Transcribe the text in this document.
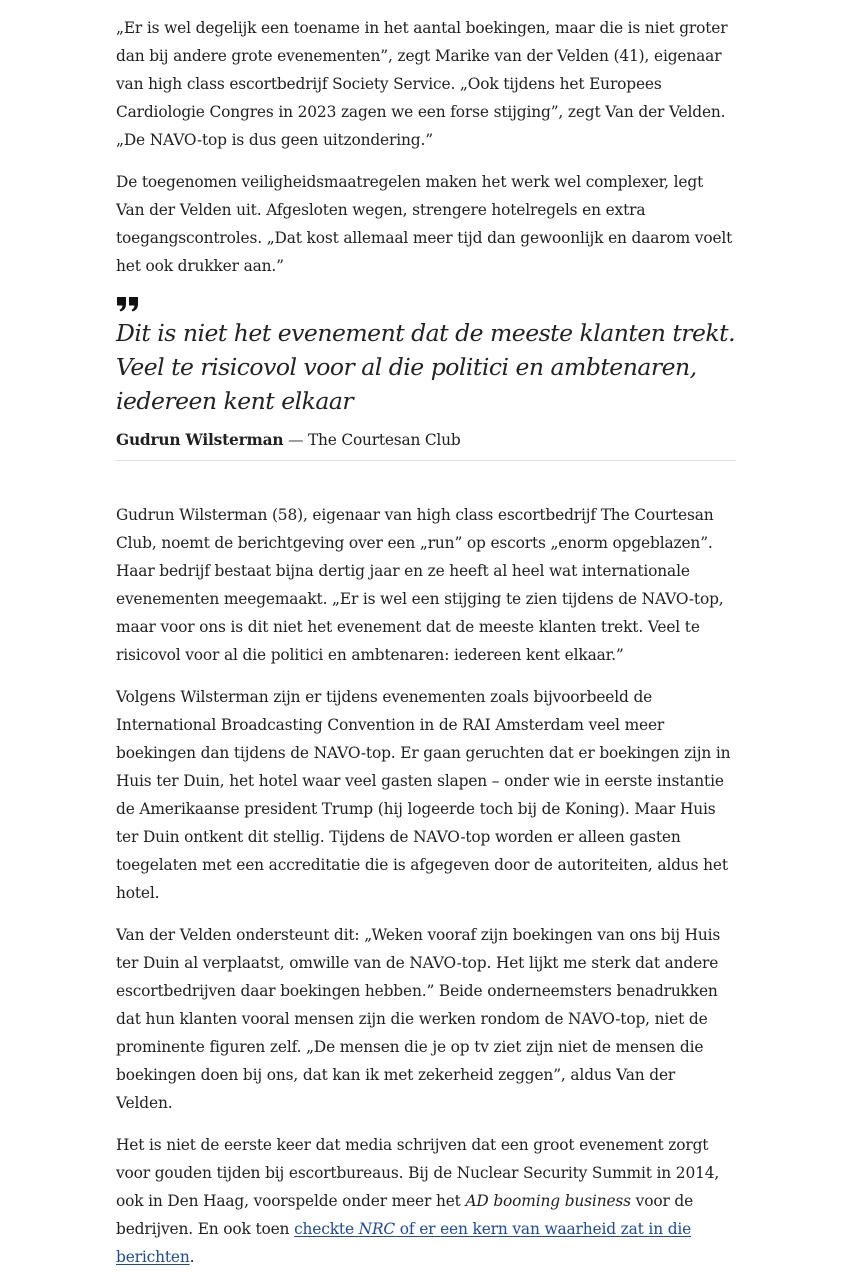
„Er is wel degelijk een toename in het aantal boekingen, maar die is niet groter dan bij andere grote evenementen”, zegt Marike van der Velden (41), eigenaar van high class escortbedrijf Society Service. „Ook tijdens het Europees Cardiologie Congres in 2023 zagen we een forse stijging”, zegt Van der Velden. „De NAVO-top is dus geen uitzondering.”

De toegenomen veiligheidsmaatregelen maken het werk wel complexer, legt Van der Velden uit. Afgesloten wegen, strengere hotelregels en extra toegangscontroles. „Dat kost allemaal meer tijd dan gewoonlijk en daarom voelt het ook drukker aan.”

Dit is niet het evenement dat de meeste klanten trekt. Veel te risicovol voor al die politici en ambtenaren, iedereen kent elkaar

Gudrun Wilsterman — The Courtesan Club

Gudrun Wilsterman (58), eigenaar van high class escortbedrijf The Courtesan Club, noemt de berichtgeving over een „run” op escorts „enorm opgeblazen”. Haar bedrijf bestaat bijna dertig jaar en ze heeft al heel wat internationale evenementen meegemaakt. „Er is wel een stijging te zien tijdens de NAVO-top, maar voor ons is dit niet het evenement dat de meeste klanten trekt. Veel te risicovol voor al die politici en ambtenaren: iedereen kent elkaar.”

Volgens Wilsterman zijn er tijdens evenementen zoals bijvoorbeeld de International Broadcasting Convention in de RAI Amsterdam veel meer boekingen dan tijdens de NAVO-top. Er gaan geruchten dat er boekingen zijn in Huis ter Duin, het hotel waar veel gasten slapen – onder wie in eerste instantie de Amerikaanse president Trump (hij logeerde toch bij de Koning). Maar Huis ter Duin ontkent dit stellig. Tijdens de NAVO-top worden er alleen gasten toegelaten met een accreditatie die is afgegeven door de autoriteiten, aldus het hotel.

Van der Velden ondersteunt dit: „Weken vooraf zijn boekingen van ons bij Huis ter Duin al verplaatst, omwille van de NAVO-top. Het lijkt me sterk dat andere escortbedrijven daar boekingen hebben.” Beide onderneemsters benadrukken dat hun klanten vooral mensen zijn die werken rondom de NAVO-top, niet de prominente figuren zelf. „De mensen die je op tv ziet zijn niet de mensen die boekingen doen bij ons, dat kan ik met zekerheid zeggen”, aldus Van der Velden.

Het is niet de eerste keer dat media schrijven dat een groot evenement zorgt voor gouden tijden bij escortbureaus. Bij de Nuclear Security Summit in 2014, ook in Den Haag, voorspelde onder meer het AD booming business voor de bedrijven. En ook toen checkte NRC of er een kern van waarheid zat in die berichten.
